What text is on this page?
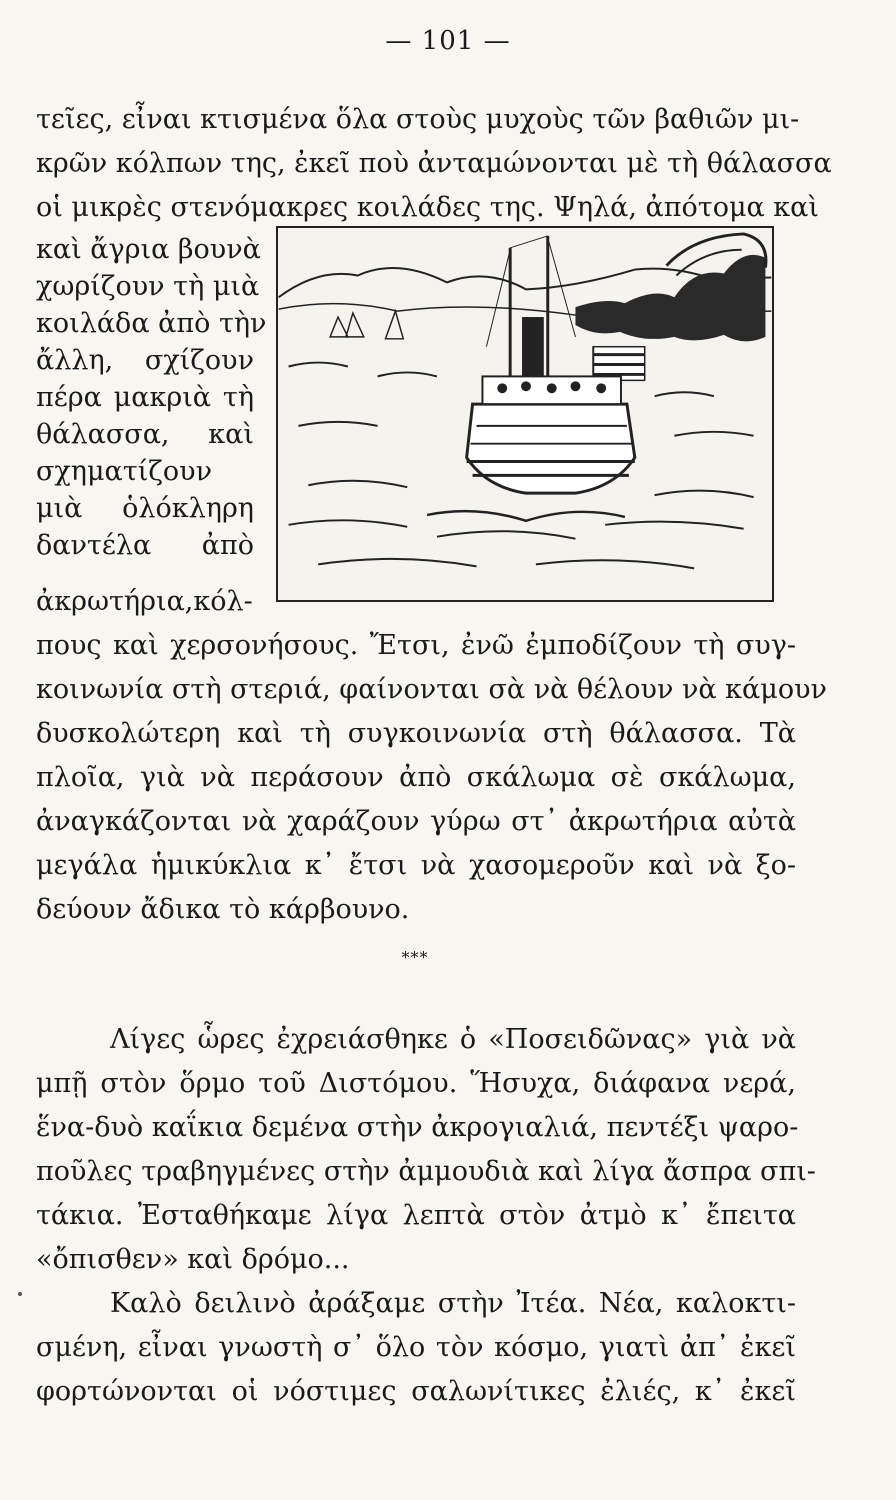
— 101 —
τεῖες, εἶναι κτισμένα ὅλα στοὺς μυχοὺς τῶν βαθιῶν μι-
κρῶν κόλπων της, ἐκεῖ ποὺ ἀνταμώνονται μὲ τὴ θάλασσα
οἱ μικρὲς στενόμακρες κοιλάδες της. Ψηλά, ἀπότομα καὶ
καὶ ἄγρια βουνὰ
χωρίζουν τὴ μιὰ
κοιλάδα ἀπὸ τὴν
ἄλλη, σχίζουν
πέρα μακριὰ τὴ
θάλασσα, καὶ
σχηματίζουν
μιὰ ὁλόκληρη
δαντέλα ἀπὸ
ἀκρωτήρια,κόλ-
πους καὶ χερσονήσους. Ἔτσι, ἐνῶ ἐμποδίζουν τὴ συγ-
κοινωνία στὴ στεριά, φαίνονται σὰ νὰ θέλουν νὰ κάμουν
δυσκολώτερη καὶ τὴ συγκοινωνία στὴ θάλασσα. Τὰ
πλοῖα, γιὰ νὰ περάσουν ἀπὸ σκάλωμα σὲ σκάλωμα,
ἀναγκάζονται νὰ χαράζουν γύρω στ᾽ ἀκρωτήρια αὐτὰ
μεγάλα ἡμικύκλια κ᾽ ἔτσι νὰ χασομεροῦν καὶ νὰ ξο-
δεύουν ἄδικα τὸ κάρβουνο.
***
Λίγες ὧρες ἐχρειάσθηκε ὁ «Ποσειδῶνας» γιὰ νὰ
μπῇ στὸν ὅρμο τοῦ Διστόμου. Ἥσυχα, διάφανα νερά,
ἕνα-δυὸ καΐκια δεμένα στὴν ἀκρογιαλιά, πεντέξι ψαρο-
ποῦλες τραβηγμένες στὴν ἀμμουδιὰ καὶ λίγα ἄσπρα σπι-
τάκια. Ἐσταθήκαμε λίγα λεπτὰ στὸν ἀτμὸ κ᾽ ἔπειτα
«ὄπισθεν» καὶ δρόμο...
Καλὸ δειλινὸ ἀράξαμε στὴν Ἰτέα. Νέα, καλοκτι-
σμένη, εἶναι γνωστὴ σ᾽ ὅλο τὸν κόσμο, γιατὶ ἀπ᾽ ἐκεῖ
φορτώνονται οἱ νόστιμες σαλωνίτικες ἐλιές, κ᾽ ἐκεῖ
